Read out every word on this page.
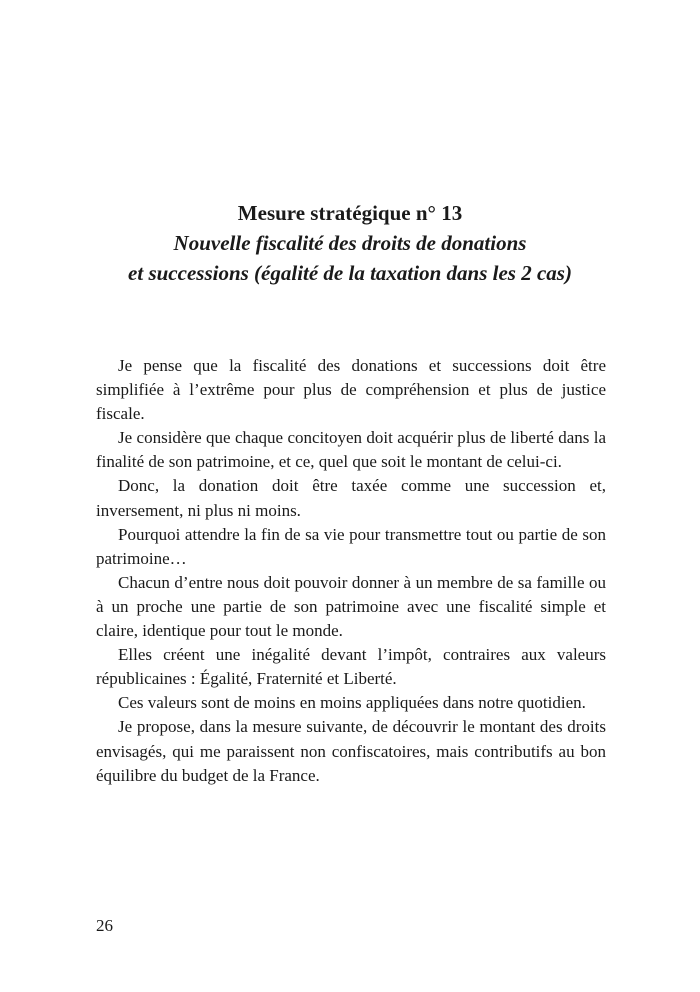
Mesure stratégique n° 13

Nouvelle fiscalité des droits de donations

et successions (égalité de la taxation dans les 2 cas)

Je pense que la fiscalité des donations et successions doit être simplifiée à l’extrême pour plus de compréhension et plus de justice fiscale.

Je considère que chaque concitoyen doit acquérir plus de liberté dans la finalité de son patrimoine, et ce, quel que soit le montant de celui-ci.

Donc, la donation doit être taxée comme une succession et, inversement, ni plus ni moins.

Pourquoi attendre la fin de sa vie pour transmettre tout ou partie de son patrimoine…

Chacun d’entre nous doit pouvoir donner à un membre de sa famille ou à un proche une partie de son patrimoine avec une fiscalité simple et claire, identique pour tout le monde.

Elles créent une inégalité devant l’impôt, contraires aux valeurs républicaines : Égalité, Fraternité et Liberté.

Ces valeurs sont de moins en moins appliquées dans notre quotidien.

Je propose, dans la mesure suivante, de découvrir le montant des droits envisagés, qui me paraissent non confiscatoires, mais contributifs au bon équilibre du budget de la France.

26
